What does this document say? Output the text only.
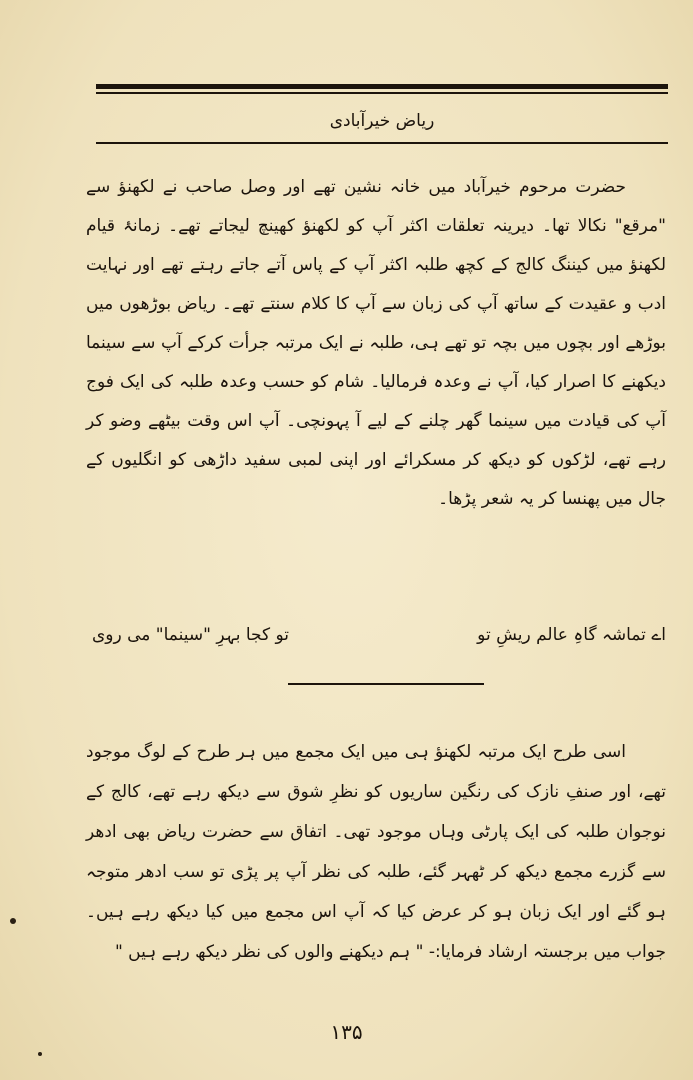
ریاض خیرآبادی

حضرت مرحوم خیرآباد میں خانہ نشین تھے اور وصل صاحب نے لکھنؤ سے "مرقع" نکالا تھا۔ دیرینہ تعلقات اکثر آپ کو لکھنؤ کھینچ لیجاتے تھے۔ زمانۂ قیام لکھنؤ میں کیننگ کالج کے کچھ طلبہ اکثر آپ کے پاس آتے جاتے رہتے تھے اور نہایت ادب و عقیدت کے ساتھ آپ کی زبان سے آپ کا کلام سنتے تھے۔ ریاض بوڑھوں میں بوڑھے اور بچوں میں بچہ تو تھے ہی، طلبہ نے ایک مرتبہ جرأت کرکے آپ سے سینما دیکھنے کا اصرار کیا، آپ نے وعدہ فرمالیا۔ شام کو حسب وعدہ طلبہ کی ایک فوج آپ کی قیادت میں سینما گھر چلنے کے لیے آ پہونچی۔ آپ اس وقت بیٹھے وضو کر رہے تھے، لڑکوں کو دیکھ کر مسکرائے اور اپنی لمبی سفید داڑھی کو انگلیوں کے جال میں پھنسا کر یہ شعر پڑھا۔

اے تماشہ گاہِ عالم ریشِ تو
تو کجا بہرِ "سینما" می روی

اسی طرح ایک مرتبہ لکھنؤ ہی میں ایک مجمع میں ہر طرح کے لوگ موجود تھے، اور صنفِ نازک کی رنگین ساریوں کو نظرِ شوق سے دیکھ رہے تھے، کالج کے نوجوان طلبہ کی ایک پارٹی وہاں موجود تھی۔ اتفاق سے حضرت ریاض بھی ادھر سے گزرے مجمع دیکھ کر ٹھہر گئے، طلبہ کی نظر آپ پر پڑی تو سب ادھر متوجہ ہو گئے اور ایک زبان ہو کر عرض کیا کہ آپ اس مجمع میں کیا دیکھ رہے ہیں۔ جواب میں برجستہ ارشاد فرمایا:- " ہم دیکھنے والوں کی نظر دیکھ رہے ہیں "

۱۳۵
